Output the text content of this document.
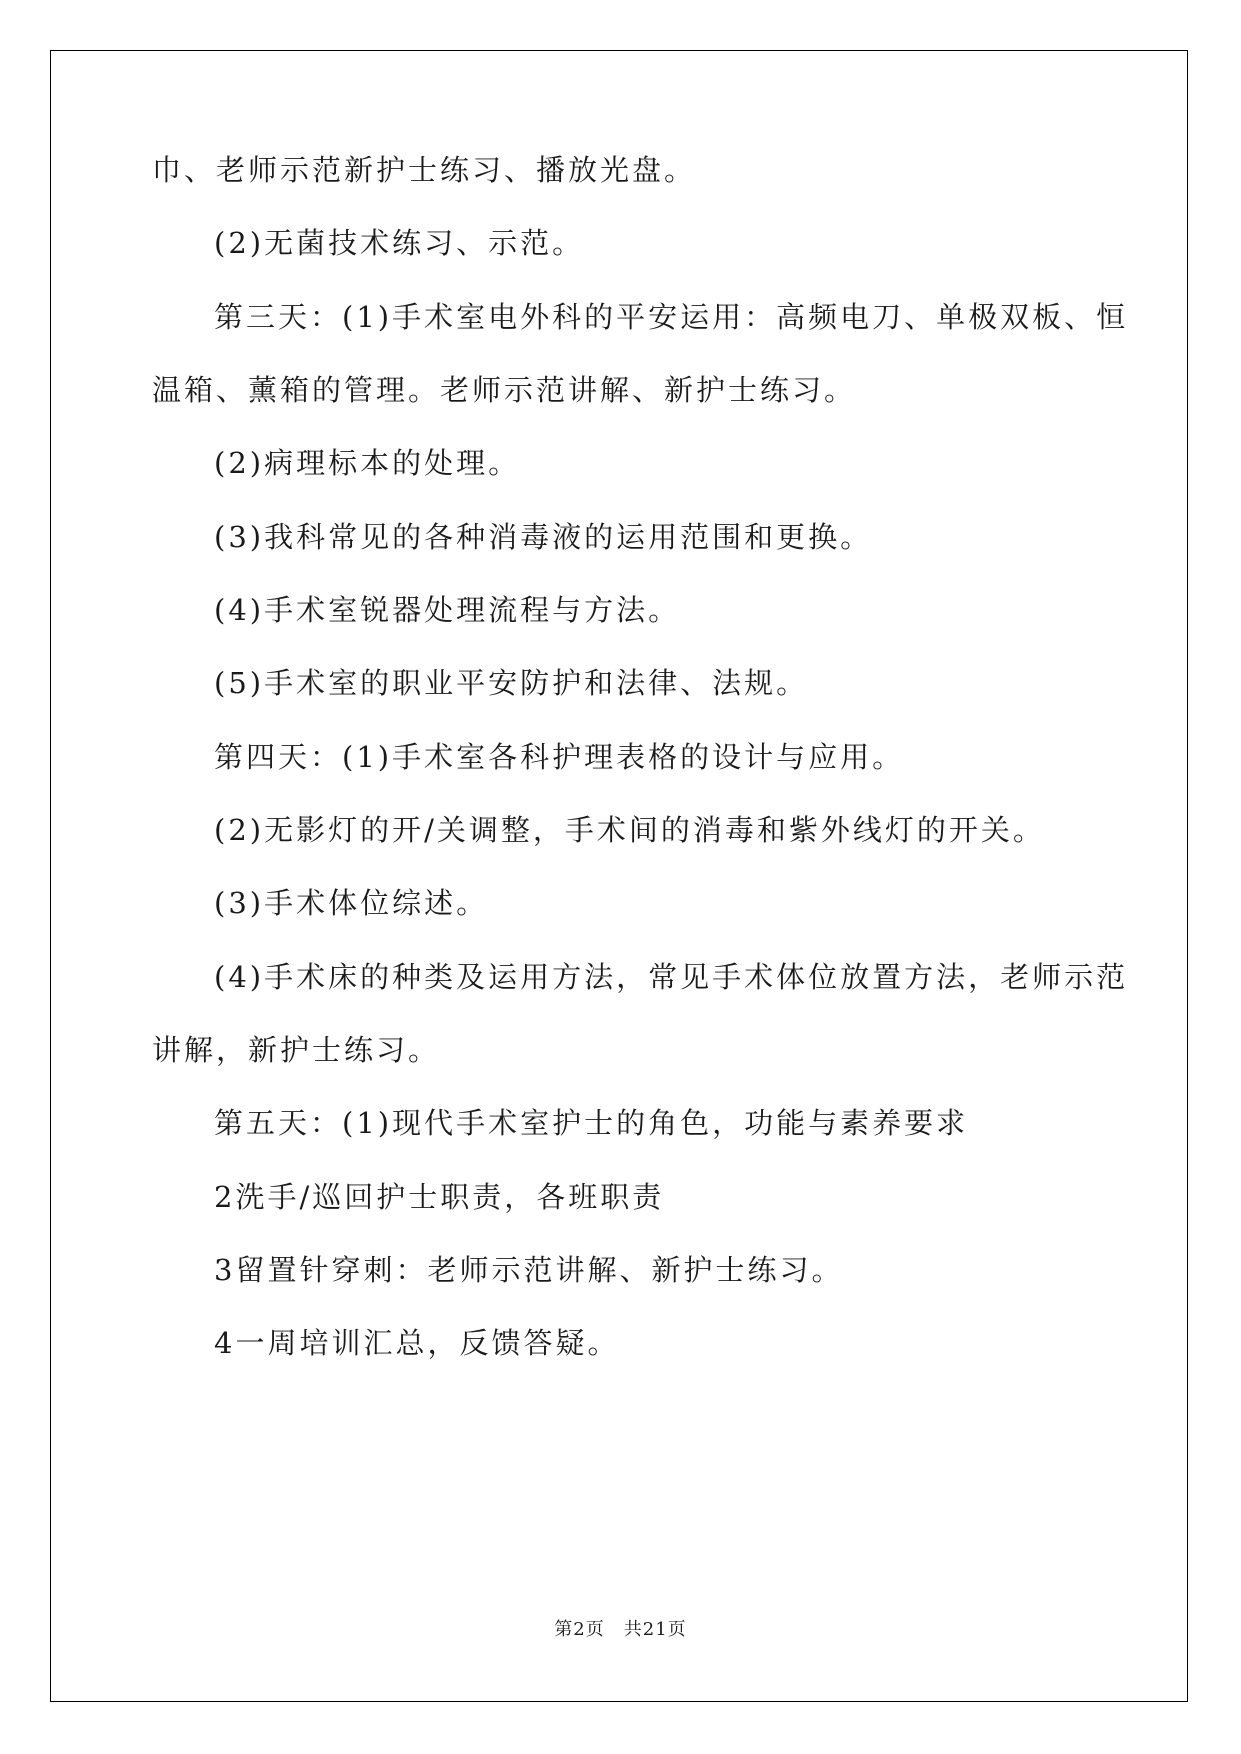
巾、老师示范新护士练习、播放光盘。
(2)无菌技术练习、示范。
第三天：(1)手术室电外科的平安运用：高频电刀、单极双板、恒
温箱、薰箱的管理。老师示范讲解、新护士练习。
(2)病理标本的处理。
(3)我科常见的各种消毒液的运用范围和更换。
(4)手术室锐器处理流程与方法。
(5)手术室的职业平安防护和法律、法规。
第四天：(1)手术室各科护理表格的设计与应用。
(2)无影灯的开/关调整，手术间的消毒和紫外线灯的开关。
(3)手术体位综述。
(4)手术床的种类及运用方法，常见手术体位放置方法，老师示范
讲解，新护士练习。
第五天：(1)现代手术室护士的角色，功能与素养要求
2洗手/巡回护士职责，各班职责
3留置针穿刺：老师示范讲解、新护士练习。
4一周培训汇总，反馈答疑。
第2页　共21页
